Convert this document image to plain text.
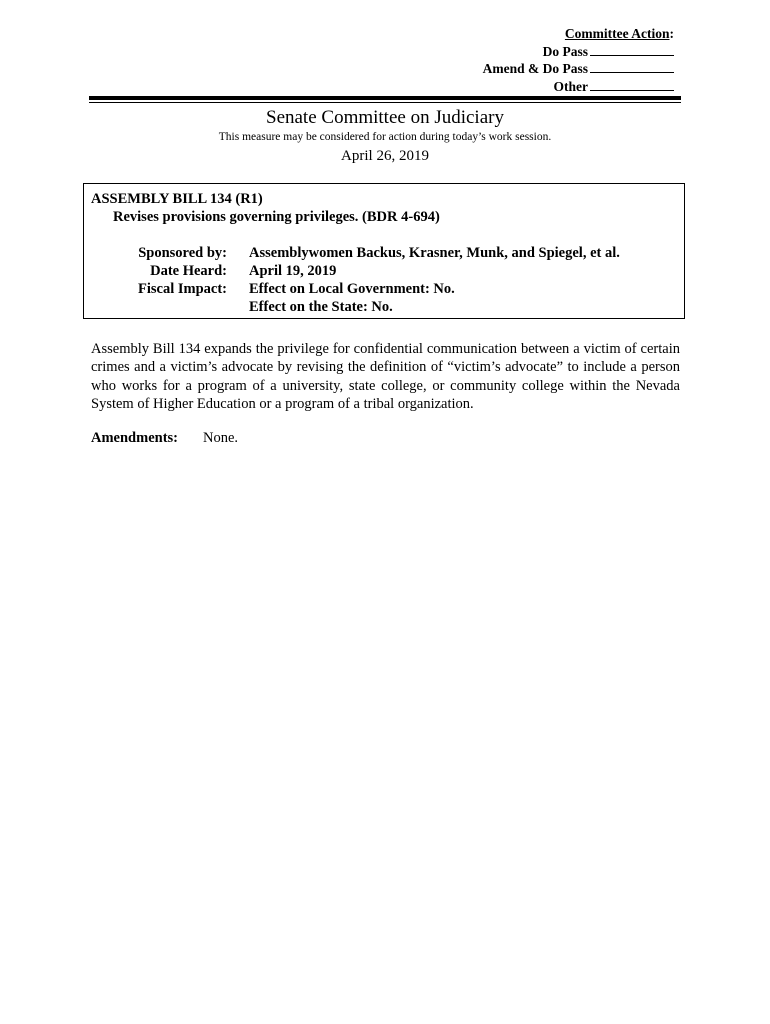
Committee Action:
Do Pass
Amend & Do Pass
Other
Senate Committee on Judiciary
This measure may be considered for action during today’s work session.
April 26, 2019
ASSEMBLY BILL 134 (R1)
Revises provisions governing privileges. (BDR 4-694)
Sponsored by: Assemblywomen Backus, Krasner, Munk, and Spiegel, et al.
Date Heard: April 19, 2019
Fiscal Impact: Effect on Local Government: No.
Effect on the State: No.
Assembly Bill 134 expands the privilege for confidential communication between a victim of certain crimes and a victim’s advocate by revising the definition of “victim’s advocate” to include a person who works for a program of a university, state college, or community college within the Nevada System of Higher Education or a program of a tribal organization.
Amendments:	None.
